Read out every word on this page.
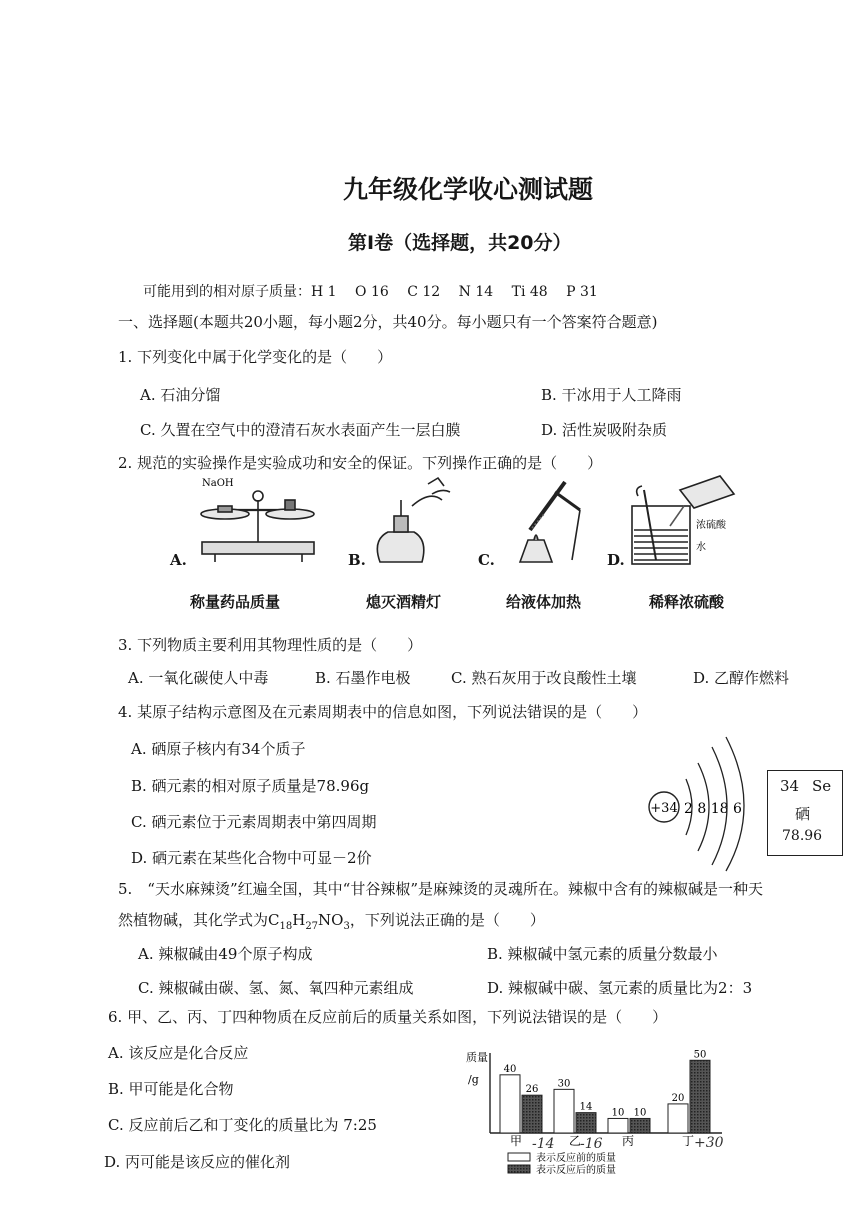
九年级化学收心测试题
第Ⅰ卷（选择题，共20分）
可能用到的相对原子质量：H 1　 O 16　 C 12　 N 14　 Ti 48　 P 31
一、选择题(本题共20小题，每小题2分，共40分。每小题只有一个答案符合题意)
1. 下列变化中属于化学变化的是（　　）
A. 石油分馏	B. 干冰用于人工降雨
C. 久置在空气中的澄清石灰水表面产生一层白膜	D. 活性炭吸附杂质
2. 规范的实验操作是实验成功和安全的保证。下列操作正确的是（　　）
NaOH
浓硫酸
水
A.	B.	C.	D.
称量药品质量	熄灭酒精灯	给液体加热	稀释浓硫酸
3. 下列物质主要利用其物理性质的是（　　）
A. 一氧化碳使人中毒	B. 石墨作电极	C. 熟石灰用于改良酸性土壤	D. 乙醇作燃料
4. 某原子结构示意图及在元素周期表中的信息如图，下列说法错误的是（　　）
A. 硒原子核内有34个质子
B. 硒元素的相对原子质量是78.96g
C. 硒元素位于元素周期表中第四周期
D. 硒元素在某些化合物中可显－2价
+34 2 8 18 6
34 Se
硒
78.96
5.　“天水麻辣烫”红遍全国，其中“甘谷辣椒”是麻辣烫的灵魂所在。辣椒中含有的辣椒碱是一种天
然植物碱，其化学式为$C_{18}H_{27}NO_3$，下列说法正确的是（　　）
A. 辣椒碱由49个原子构成	B. 辣椒碱中氢元素的质量分数最小
C. 辣椒碱由碳、氢、氮、氧四种元素组成	D. 辣椒碱中碳、氢元素的质量比为2：3
6. 甲、乙、丙、丁四种物质在反应前后的质量关系如图，下列说法错误的是（　　）
A. 该反应是化合反应
B. 甲可能是化合物
C. 反应前后乙和丁变化的质量比为 7:25
D. 丙可能是该反应的催化剂
质量
/g
40
26
30
14
10 10
20
50
甲	乙	丙	丁
-14 -16	+30
表示反应前的质量
表示反应后的质量
